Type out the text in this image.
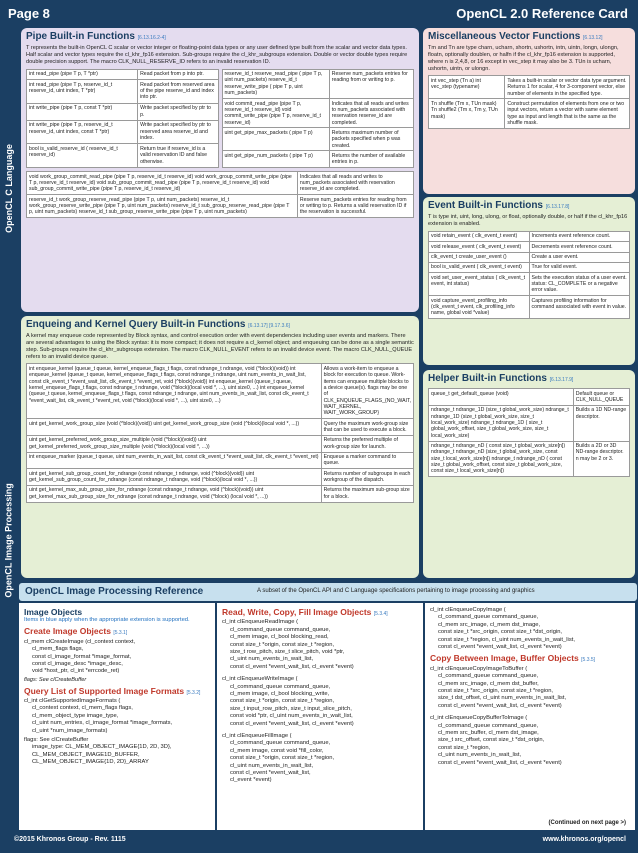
Page 8	OpenCL 2.0 Reference Card
OpenCL C Language
OpenCL Image Processing
Pipe Built-in Functions [6.13.16.2-4]
T represents the built-in OpenCL C scalar or vector integer or floating-point data types or any user defined type built from the scalar and vector data types. Half scalar and vector types require the cl_khr_fp16 extension. Sub-groups require the cl_khr_subgroups extension. Double or vector double types require double precision support. The macro CLK_NULL_RESERVE_ID refers to an invalid reservation ID.
int read_pipe (pipe T p, T *ptr)	Read packet from p into ptr.
int read_pipe (pipe T p, reserve_id_t reserve_id, uint index, T *ptr)	Read packet from reserved area of the pipe reserve_id and index into ptr.
int write_pipe (pipe T p, const T *ptr)	Write packet specified by ptr to p.
int write_pipe (pipe T p, reserve_id_t reserve_id, uint index, const T *ptr)	Write packet specified by ptr to reserved area reserve_id and index.
bool is_valid_reserve_id ( reserve_id_t reserve_id)	Return true if reserve_id is a valid reservation ID and false otherwise.
reserve_id_t reserve_read_pipe ( pipe T p, uint num_packets) reserve_id_t reserve_write_pipe ( pipe T p, uint num_packets)	Reserve num_packets entries for reading from or writing to p.
void commit_read_pipe (pipe T p, reserve_id_t reserve_id) void commit_write_pipe (pipe T p, reserve_id_t reserve_id)	Indicates that all reads and writes to num_packets associated with reservation reserve_id are completed.
uint get_pipe_max_packets ( pipe T p)	Returns maximum number of packets specified when p was created.
uint get_pipe_num_packets ( pipe T p)	Returns the number of available entries in p.
void work_group_commit_read_pipe (pipe T p, reserve_id_t reserve_id) void work_group_commit_write_pipe (pipe T p, reserve_id_t reserve_id) void sub_group_commit_read_pipe (pipe T p, reserve_id_t reserve_id) void sub_group_commit_write_pipe (pipe T p, reserve_id_t reserve_id)	Indicates that all reads and writes to num_packets associated with reservation reserve_id are completed.
reserve_id_t work_group_reserve_read_pipe (pipe T p, uint num_packets) reserve_id_t work_group_reserve_write_pipe (pipe T p, uint num_packets) reserve_id_t sub_group_reserve_read_pipe (pipe T p, uint num_packets) reserve_id_t sub_group_reserve_write_pipe (pipe T p, uint num_packets)	Reserve num_packets entries for reading from or writing to p. Returns a valid reservation ID if the reservation is successful.
Enqueing and Kernel Query Built-in Functions [6.13.17] [9.17.3.6]
A kernel may enqueue code represented by Block syntax, and control execution order with event dependencies including user events and markers. There are several advantages to using the Block syntax: it is more compact; it does not require a cl_kernel object; and enqueuing can be done as a single semantic step. Sub-groups require the cl_khr_subgroups extension. The macro CLK_NULL_EVENT refers to an invalid device event. The macro CLK_NULL_QUEUE refers to an invalid device queue.
int enqueue_kernel (queue_t queue, kernel_enqueue_flags_t flags, const ndrange_t ndrange, void (^block)(void)) int enqueue_kernel (queue_t queue, kernel_enqueue_flags_t flags, const ndrange_t ndrange, uint num_events_in_wait_list, const clk_event_t *event_wait_list, clk_event_t *event_ret, void (^block)(void)) int enqueue_kernel (queue_t queue, kernel_enqueue_flags_t flags, const ndrange_t ndrange, void (^block)(local void *, ...), uint size0, ...) int enqueue_kernel (queue_t queue, kernel_enqueue_flags_t flags, const ndrange_t ndrange, uint num_events_in_wait_list, const clk_event_t *event_wait_list, clk_event_t *event_ret, void (^block)(local void *, ...), uint size0, ...)	Allows a work-item to enqueue a block for execution to queue. Work-items can enqueue multiple blocks to a device queue(s). flags may be one of CLK_ENQUEUE_FLAGS_{NO_WAIT, WAIT_KERNEL, WAIT_WORK_GROUP}
uint get_kernel_work_group_size (void (^block)(void)) uint get_kernel_work_group_size (void (^block)(local void *, ...))	Query the maximum work-group size that can be used to execute a block.
uint get_kernel_preferred_work_group_size_multiple (void (^block)(void)) uint get_kernel_preferred_work_group_size_multiple (void (^block)(local void *, ...))	Returns the preferred multiple of work-group size for launch.
int enqueue_marker (queue_t queue, uint num_events_in_wait_list, const clk_event_t *event_wait_list, clk_event_t *event_ret)	Enqueue a marker command to queue.
uint get_kernel_sub_group_count_for_ndrange (const ndrange_t ndrange, void (^block)(void)) uint get_kernel_sub_group_count_for_ndrange (const ndrange_t ndrange, void (^block)(local void *, ...))	Returns number of subgroups in each workgroup of the dispatch.
uint get_kernel_max_sub_group_size_for_ndrange (const ndrange_t ndrange, void (^block)(void)) uint get_kernel_max_sub_group_size_for_ndrange (const ndrange_t ndrange, void (^block) (local void *, ...))	Returns the maximum sub-group size for a block.
Miscellaneous Vector Functions [6.13.12]
Tm and Tn are type charn, ucharn, shortn, ushortn, intn, uintn, longn, ulongn, floatn, optionally doublen, or halfn if the cl_khr_fp16 extension is supported, where n is 2,4,8, or 16 except in vec_step it may also be 3. TUn is ucharn, ushortn, uintn, or ulongn.
int vec_step (Tn a) int vec_step (typename)	Takes a built-in scalar or vector data type argument. Returns 1 for scalar, 4 for 3-component vector, else number of elements in the specified type.
Tn shuffle (Tm x, TUn mask) Tn shuffle2 (Tm x, Tm y, TUn mask)	Construct permutation of elements from one or two input vectors, return a vector with same element type as input and length that is the same as the shuffle mask.
Event Built-in Functions [6.13.17.8]
T is type int, uint, long, ulong, or float, optionally double, or half if the cl_khr_fp16 extension is enabled.
void retain_event ( clk_event_t event)	Increments event reference count.
void release_event ( clk_event_t event)	Decrements event reference count.
clk_event_t create_user_event ()	Create a user event.
bool is_valid_event ( clk_event_t event)	True for valid event.
void set_user_event_status ( clk_event_t event, int status)	Sets the execution status of a user event. status: CL_COMPLETE or a negative error value.
void capture_event_profiling_info (clk_event_t event, clk_profiling_info name, global void *value)	Captures profiling information for command associated with event in value.
Helper Built-in Functions [6.13.17.9]
queue_t get_default_queue (void)	Default queue or CLK_NULL_QUEUE
ndrange_t ndrange_1D (size_t global_work_size) ndrange_t ndrange_1D (size_t global_work_size, size_t local_work_size) ndrange_t ndrange_1D ( size_t global_work_offset, size_t global_work_size, size_t local_work_size)	Builds a 1D ND-range descriptor.
ndrange_t ndrange_nD ( const size_t global_work_size[n]) ndrange_t ndrange_nD (size_t global_work_size, const size_t local_work_size[n]) ndrange_t ndrange_nD ( const size_t global_work_offset, const size_t global_work_size, const size_t local_work_size[n])	Builds a 2D or 3D ND-range descriptor. n may be 2 or 3.
OpenCL Image Processing Reference	A subset of the OpenCL API and C Language specifications pertaining to image processing and graphics
Image Objects
Items in blue apply when the appropriate extension is supported.
Create Image Objects [5.3.1]
cl_mem clCreateImage (cl_context context,
cl_mem_flags flags,
const cl_image_format *image_format,
const cl_image_desc *image_desc,
void *host_ptr, cl_int *errcode_ret)
flags: See clCreateBuffer
Query List of Supported Image Formats [5.3.2]
cl_int clGetSupportedImageFormats (
cl_context context, cl_mem_flags flags,
cl_mem_object_type image_type,
cl_uint num_entries, cl_image_format *image_formats,
cl_uint *num_image_formats)
flags: See clCreateBuffer
image_type: CL_MEM_OBJECT_IMAGE{1D, 2D, 3D},
CL_MEM_OBJECT_IMAGE1D_BUFFER,
CL_MEM_OBJECT_IMAGE{1D, 2D}_ARRAY
Read, Write, Copy, Fill Image Objects [5.3.4]
cl_int clEnqueueReadImage (
cl_command_queue command_queue,
cl_mem image, cl_bool blocking_read,
const size_t *origin, const size_t *region,
size_t row_pitch, size_t slice_pitch, void *ptr,
cl_uint num_events_in_wait_list,
const cl_event *event_wait_list, cl_event *event)
cl_int clEnqueueWriteImage (
cl_command_queue command_queue,
cl_mem image, cl_bool blocking_write,
const size_t *origin, const size_t *region,
size_t input_row_pitch, size_t input_slice_pitch,
const void *ptr, cl_uint num_events_in_wait_list,
const cl_event *event_wait_list, cl_event *event)
cl_int clEnqueueFillImage (
cl_command_queue command_queue,
cl_mem image, const void *fill_color,
const size_t *origin, const size_t *region,
cl_uint num_events_in_wait_list,
const cl_event *event_wait_list,
cl_event *event)
cl_int clEnqueueCopyImage (
cl_command_queue command_queue,
cl_mem src_image, cl_mem dst_image,
const size_t *src_origin, const size_t *dst_origin,
const size_t *region, cl_uint num_events_in_wait_list,
const cl_event *event_wait_list, cl_event *event)
Copy Between Image, Buffer Objects [5.3.5]
cl_int clEnqueueCopyImageToBuffer (
cl_command_queue command_queue,
cl_mem src_image, cl_mem dst_buffer,
const size_t *src_origin, const size_t *region,
size_t dst_offset, cl_uint num_events_in_wait_list,
const cl_event *event_wait_list, cl_event *event)
cl_int clEnqueueCopyBufferToImage (
cl_command_queue command_queue,
cl_mem src_buffer, cl_mem dst_image,
size_t src_offset, const size_t *dst_origin,
const size_t *region,
cl_uint num_events_in_wait_list,
const cl_event *event_wait_list, cl_event *event)
(Continued on next page >)
©2015 Khronos Group - Rev. 1115	www.khronos.org/opencl
